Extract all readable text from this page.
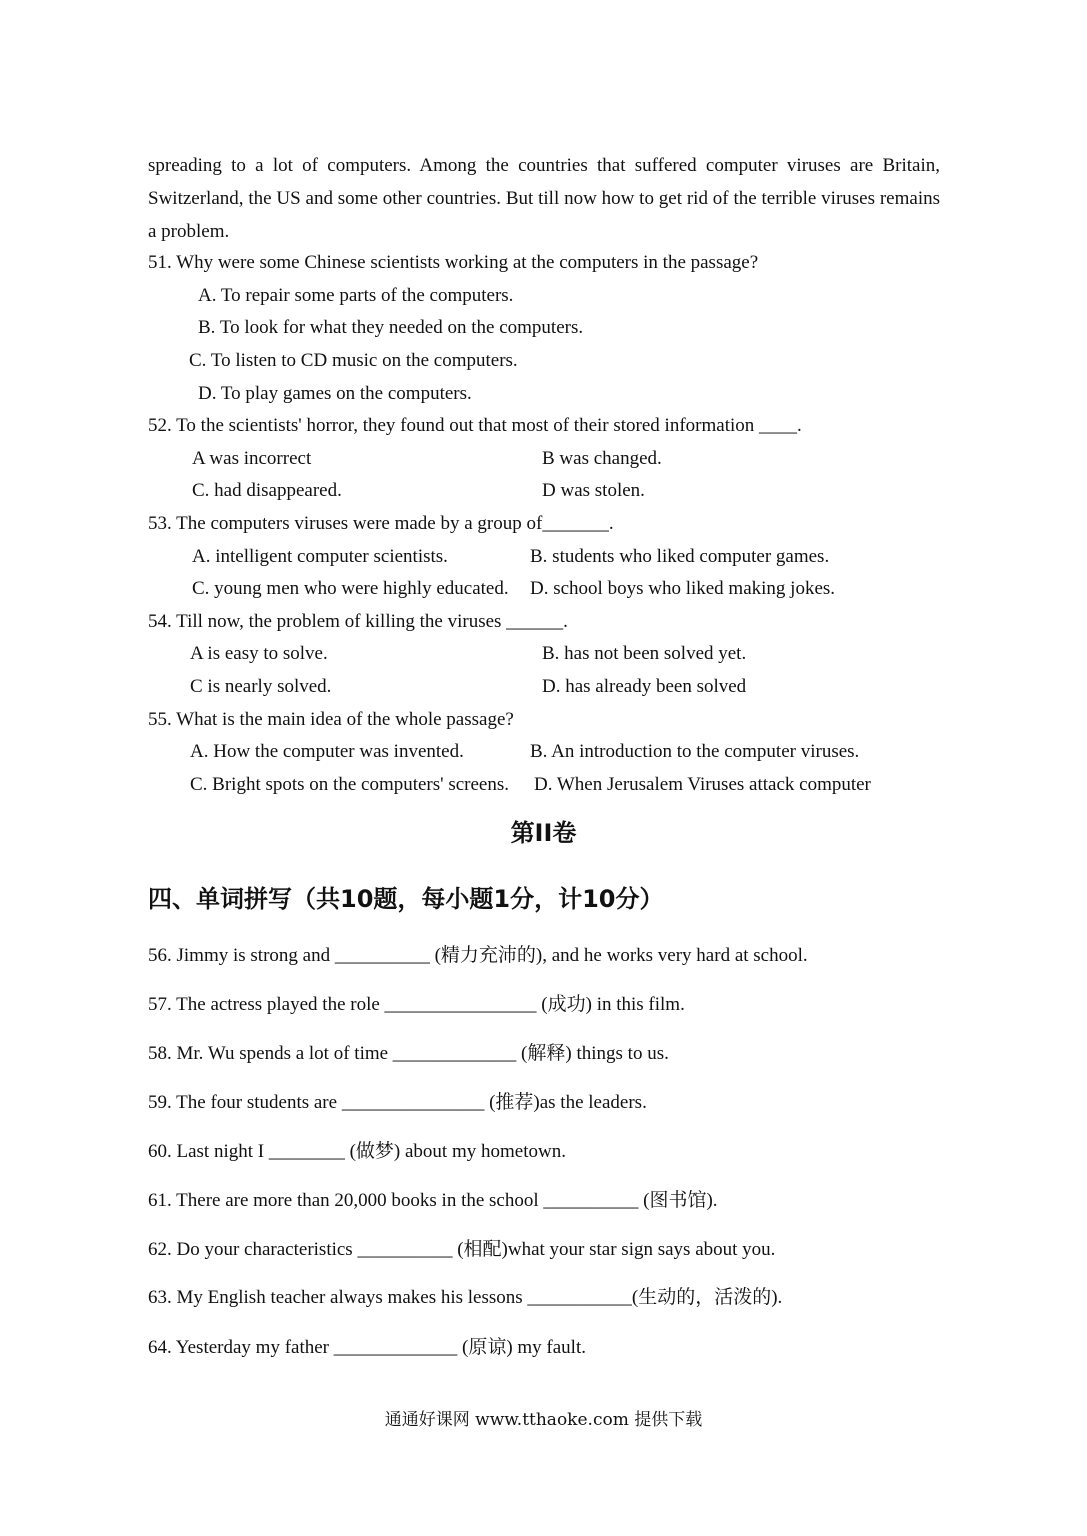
spreading to a lot of computers. Among the countries that suffered computer viruses are Britain, Switzerland, the US and some other countries. But till now how to get rid of the terrible viruses remains a problem.
51. Why were some Chinese scientists working at the computers in the passage?
A. To repair some parts of the computers.
B. To look for what they needed on the computers.
C. To listen to CD music on the computers.
D. To play games on the computers.
52. To the scientists' horror, they found out that most of their stored information ____.
A was incorrect	B was changed.
C. had disappeared.	D was stolen.
53. The computers viruses were made by a group of_______.
A. intelligent computer scientists.	B. students who liked computer games.
C. young men who were highly educated. D. school boys who liked making jokes.
54. Till now, the problem of killing the viruses ______.
A is easy to solve.	B. has not been solved yet.
C is nearly solved.	D. has already been solved
55. What is the main idea of the whole passage?
A. How the computer was invented.	B. An introduction to the computer viruses.
C. Bright spots on the computers' screens. D. When Jerusalem Viruses attack computer
第II卷
四、单词拼写（共10题，每小题1分，计10分）
56. Jimmy is strong and __________ (精力充沛的), and he works very hard at school.
57. The actress played the role ________________ (成功) in this film.
58. Mr. Wu spends a lot of time _____________ (解释) things to us.
59. The four students are _______________ (推荐)as the leaders.
60. Last night I ________ (做梦) about my hometown.
61. There are more than 20,000 books in the school __________ (图书馆).
62. Do your characteristics __________ (相配)what your star sign says about you.
63. My English teacher always makes his lessons ___________(生动的，活泼的).
64. Yesterday my father _____________ (原谅) my fault.
通通好课网 www.tthaoke.com 提供下载
